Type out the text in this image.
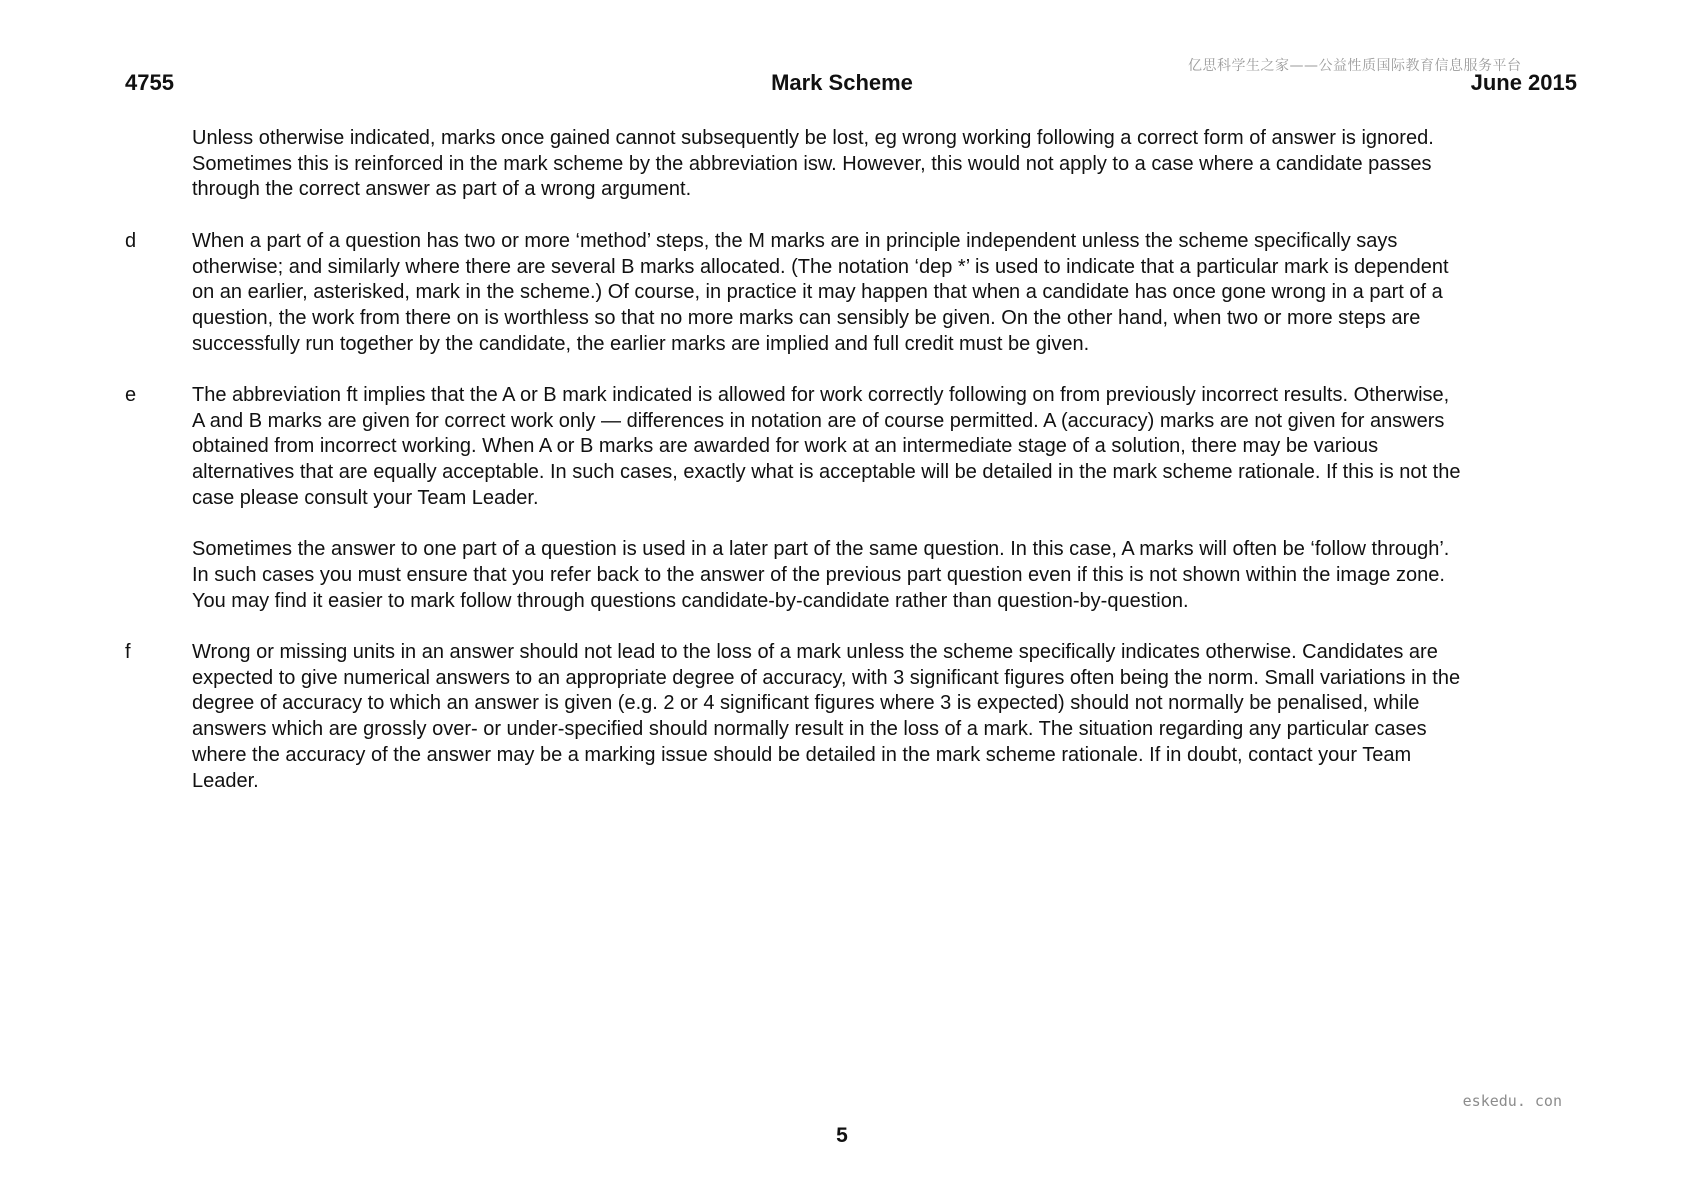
亿思科学生之家——公益性质国际教育信息服务平台
4755	Mark Scheme	June 2015

Unless otherwise indicated, marks once gained cannot subsequently be lost, eg wrong working following a correct form of answer is ignored. Sometimes this is reinforced in the mark scheme by the abbreviation isw. However, this would not apply to a case where a candidate passes through the correct answer as part of a wrong argument.

d	When a part of a question has two or more ‘method’ steps, the M marks are in principle independent unless the scheme specifically says otherwise; and similarly where there are several B marks allocated. (The notation ‘dep *’ is used to indicate that a particular mark is dependent on an earlier, asterisked, mark in the scheme.) Of course, in practice it may happen that when a candidate has once gone wrong in a part of a question, the work from there on is worthless so that no more marks can sensibly be given. On the other hand, when two or more steps are successfully run together by the candidate, the earlier marks are implied and full credit must be given.

e	The abbreviation ft implies that the A or B mark indicated is allowed for work correctly following on from previously incorrect results. Otherwise, A and B marks are given for correct work only — differences in notation are of course permitted. A (accuracy) marks are not given for answers obtained from incorrect working. When A or B marks are awarded for work at an intermediate stage of a solution, there may be various alternatives that are equally acceptable. In such cases, exactly what is acceptable will be detailed in the mark scheme rationale. If this is not the case please consult your Team Leader.

Sometimes the answer to one part of a question is used in a later part of the same question. In this case, A marks will often be ‘follow through’. In such cases you must ensure that you refer back to the answer of the previous part question even if this is not shown within the image zone. You may find it easier to mark follow through questions candidate-by-candidate rather than question-by-question.

f	Wrong or missing units in an answer should not lead to the loss of a mark unless the scheme specifically indicates otherwise. Candidates are expected to give numerical answers to an appropriate degree of accuracy, with 3 significant figures often being the norm. Small variations in the degree of accuracy to which an answer is given (e.g. 2 or 4 significant figures where 3 is expected) should not normally be penalised, while answers which are grossly over- or under-specified should normally result in the loss of a mark. The situation regarding any particular cases where the accuracy of the answer may be a marking issue should be detailed in the mark scheme rationale. If in doubt, contact your Team Leader.

eskedu. con
5
